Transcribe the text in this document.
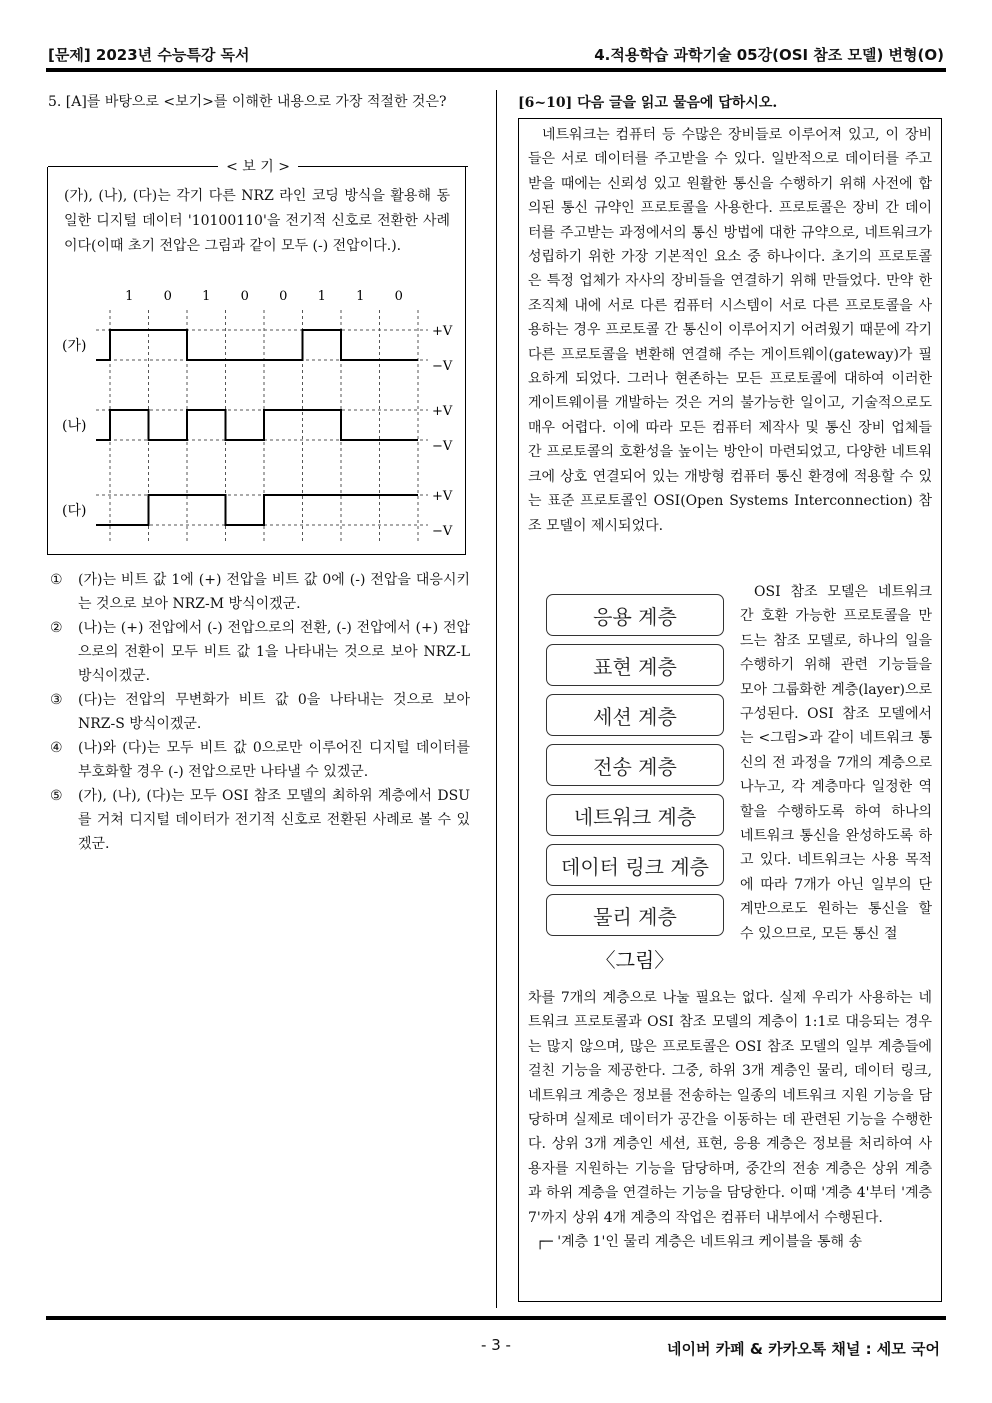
[문제] 2023년 수능특강 독서	4.적용학습 과학기술 05강(OSI 참조 모델) 변형(O)
5. [A]를 바탕으로 <보기>를 이해한 내용으로 가장 적절한 것은?
< 보 기 >
(가), (나), (다)는 각기 다른 NRZ 라인 코딩 방식을 활용해 동일한 디지털 데이터 '10100110'을 전기적 신호로 전환한 사례이다(이때 초기 전압은 그림과 같이 모두 (-) 전압이다.).
1 0 1 0 0 1 1 0
(가)
+V
−V
(나)
+V
−V
(다)
+V
−V
①	(가)는 비트 값 1에 (+) 전압을 비트 값 0에 (-) 전압을 대응시키는 것으로 보아 NRZ-M 방식이겠군.
②	(나)는 (+) 전압에서 (-) 전압으로의 전환, (-) 전압에서 (+) 전압으로의 전환이 모두 비트 값 1을 나타내는 것으로 보아 NRZ-L 방식이겠군.
③	(다)는 전압의 무변화가 비트 값 0을 나타내는 것으로 보아 NRZ-S 방식이겠군.
④	(나)와 (다)는 모두 비트 값 0으로만 이루어진 디지털 데이터를 부호화할 경우 (-) 전압으로만 나타낼 수 있겠군.
⑤	(가), (나), (다)는 모두 OSI 참조 모델의 최하위 계층에서 DSU를 거쳐 디지털 데이터가 전기적 신호로 전환된 사례로 볼 수 있겠군.
[6~10] 다음 글을 읽고 물음에 답하시오.
네트워크는 컴퓨터 등 수많은 장비들로 이루어져 있고, 이 장비들은 서로 데이터를 주고받을 수 있다. 일반적으로 데이터를 주고받을 때에는 신뢰성 있고 원활한 통신을 수행하기 위해 사전에 합의된 통신 규약인 프로토콜을 사용한다. 프로토콜은 장비 간 데이터를 주고받는 과정에서의 통신 방법에 대한 규약으로, 네트워크가 성립하기 위한 가장 기본적인 요소 중 하나이다. 초기의 프로토콜은 특정 업체가 자사의 장비들을 연결하기 위해 만들었다. 만약 한 조직체 내에 서로 다른 컴퓨터 시스템이 서로 다른 프로토콜을 사용하는 경우 프로토콜 간 통신이 이루어지기 어려웠기 때문에 각기 다른 프로토콜을 변환해 연결해 주는 게이트웨이(gateway)가 필요하게 되었다. 그러나 현존하는 모든 프로토콜에 대하여 이러한 게이트웨이를 개발하는 것은 거의 불가능한 일이고, 기술적으로도 매우 어렵다. 이에 따라 모든 컴퓨터 제작사 및 통신 장비 업체들 간 프로토콜의 호환성을 높이는 방안이 마련되었고, 다양한 네트워크에 상호 연결되어 있는 개방형 컴퓨터 통신 환경에 적용할 수 있는 표준 프로토콜인 OSI(Open Systems Interconnection) 참조 모델이 제시되었다.
응용 계층
표현 계층
세션 계층
전송 계층
네트워크 계층
데이터 링크 계층
물리 계층
〈그림〉
OSI 참조 모델은 네트워크 간 호환 가능한 프로토콜을 만드는 참조 모델로, 하나의 일을 수행하기 위해 관련 기능들을 모아 그룹화한 계층(layer)으로 구성된다. OSI 참조 모델에서는 <그림>과 같이 네트워크 통신의 전 과정을 7개의 계층으로 나누고, 각 계층마다 일정한 역할을 수행하도록 하여 하나의 네트워크 통신을 완성하도록 하고 있다. 네트워크는 사용 목적에 따라 7개가 아닌 일부의 단계만으로도 원하는 통신을 할 수 있으므로, 모든 통신 절
차를 7개의 계층으로 나눌 필요는 없다. 실제 우리가 사용하는 네트워크 프로토콜과 OSI 참조 모델의 계층이 1:1로 대응되는 경우는 많지 않으며, 많은 프로토콜은 OSI 참조 모델의 일부 계층들에 걸친 기능을 제공한다. 그중, 하위 3개 계층인 물리, 데이터 링크, 네트워크 계층은 정보를 전송하는 일종의 네트워크 지원 기능을 담당하며 실제로 데이터가 공간을 이동하는 데 관련된 기능을 수행한다. 상위 3개 계층인 세션, 표현, 응용 계층은 정보를 처리하여 사용자를 지원하는 기능을 담당하며, 중간의 전송 계층은 상위 계층과 하위 계층을 연결하는 기능을 담당한다. 이때 '계층 4'부터 '계층 7'까지 상위 4개 계층의 작업은 컴퓨터 내부에서 수행된다.
┌─ '계층 1'인 물리 계층은 네트워크 케이블을 통해 송
- 3 -	네이버 카페 & 카카오톡 채널 : 세모 국어
